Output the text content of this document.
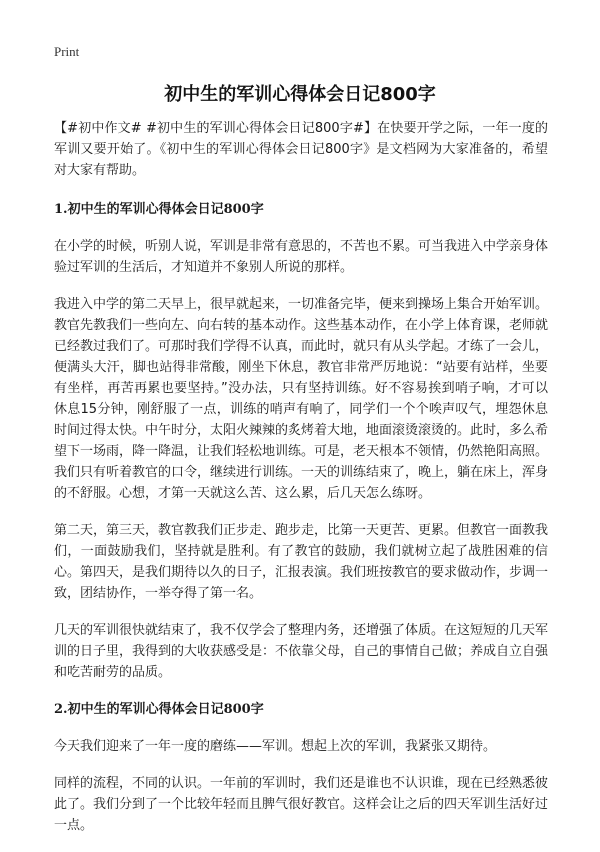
Print
初中生的军训心得体会日记800字

【#初中作文# #初中生的军训心得体会日记800字#】在快要开学之际，一年一度的军训又要开始了。《初中生的军训心得体会日记800字》是文档网为大家准备的，希望对大家有帮助。

1.初中生的军训心得体会日记800字

在小学的时候，听别人说，军训是非常有意思的，不苦也不累。可当我进入中学亲身体验过军训的生活后，才知道并不象别人所说的那样。

我进入中学的第二天早上，很早就起来，一切准备完毕，便来到操场上集合开始军训。教官先教我们一些向左、向右转的基本动作。这些基本动作，在小学上体育课，老师就已经教过我们了。可那时我们学得不认真，而此时，就只有从头学起。才练了一会儿，便满头大汗，脚也站得非常酸，刚坐下休息，教官非常严厉地说：“站要有站样，坐要有坐样，再苦再累也要坚持。”没办法，只有坚持训练。好不容易挨到哨子响，才可以休息15分钟，刚舒服了一点，训练的哨声有响了，同学们一个个唉声叹气，埋怨休息时间过得太快。中午时分，太阳火辣辣的炙烤着大地，地面滚烫滚烫的。此时，多么希望下一场雨，降一降温，让我们轻松地训练。可是，老天根本不领情，仍然艳阳高照。我们只有听着教官的口令，继续进行训练。一天的训练结束了，晚上，躺在床上，浑身的不舒服。心想，才第一天就这么苦、这么累，后几天怎么练呀。

第二天，第三天，教官教我们正步走、跑步走，比第一天更苦、更累。但教官一面教我们，一面鼓励我们，坚持就是胜利。有了教官的鼓励，我们就树立起了战胜困难的信心。第四天，是我们期待以久的日子，汇报表演。我们班按教官的要求做动作，步调一致，团结协作，一举夺得了第一名。

几天的军训很快就结束了，我不仅学会了整理内务，还增强了体质。在这短短的几天军训的日子里，我得到的大收获感受是：不依靠父母，自己的事情自己做；养成自立自强和吃苦耐劳的品质。

2.初中生的军训心得体会日记800字

今天我们迎来了一年一度的磨练——军训。想起上次的军训，我紧张又期待。

同样的流程，不同的认识。一年前的军训时，我们还是谁也不认识谁，现在已经熟悉彼此了。我们分到了一个比较年轻而且脾气很好教官。这样会让之后的四天军训生活好过一点。
